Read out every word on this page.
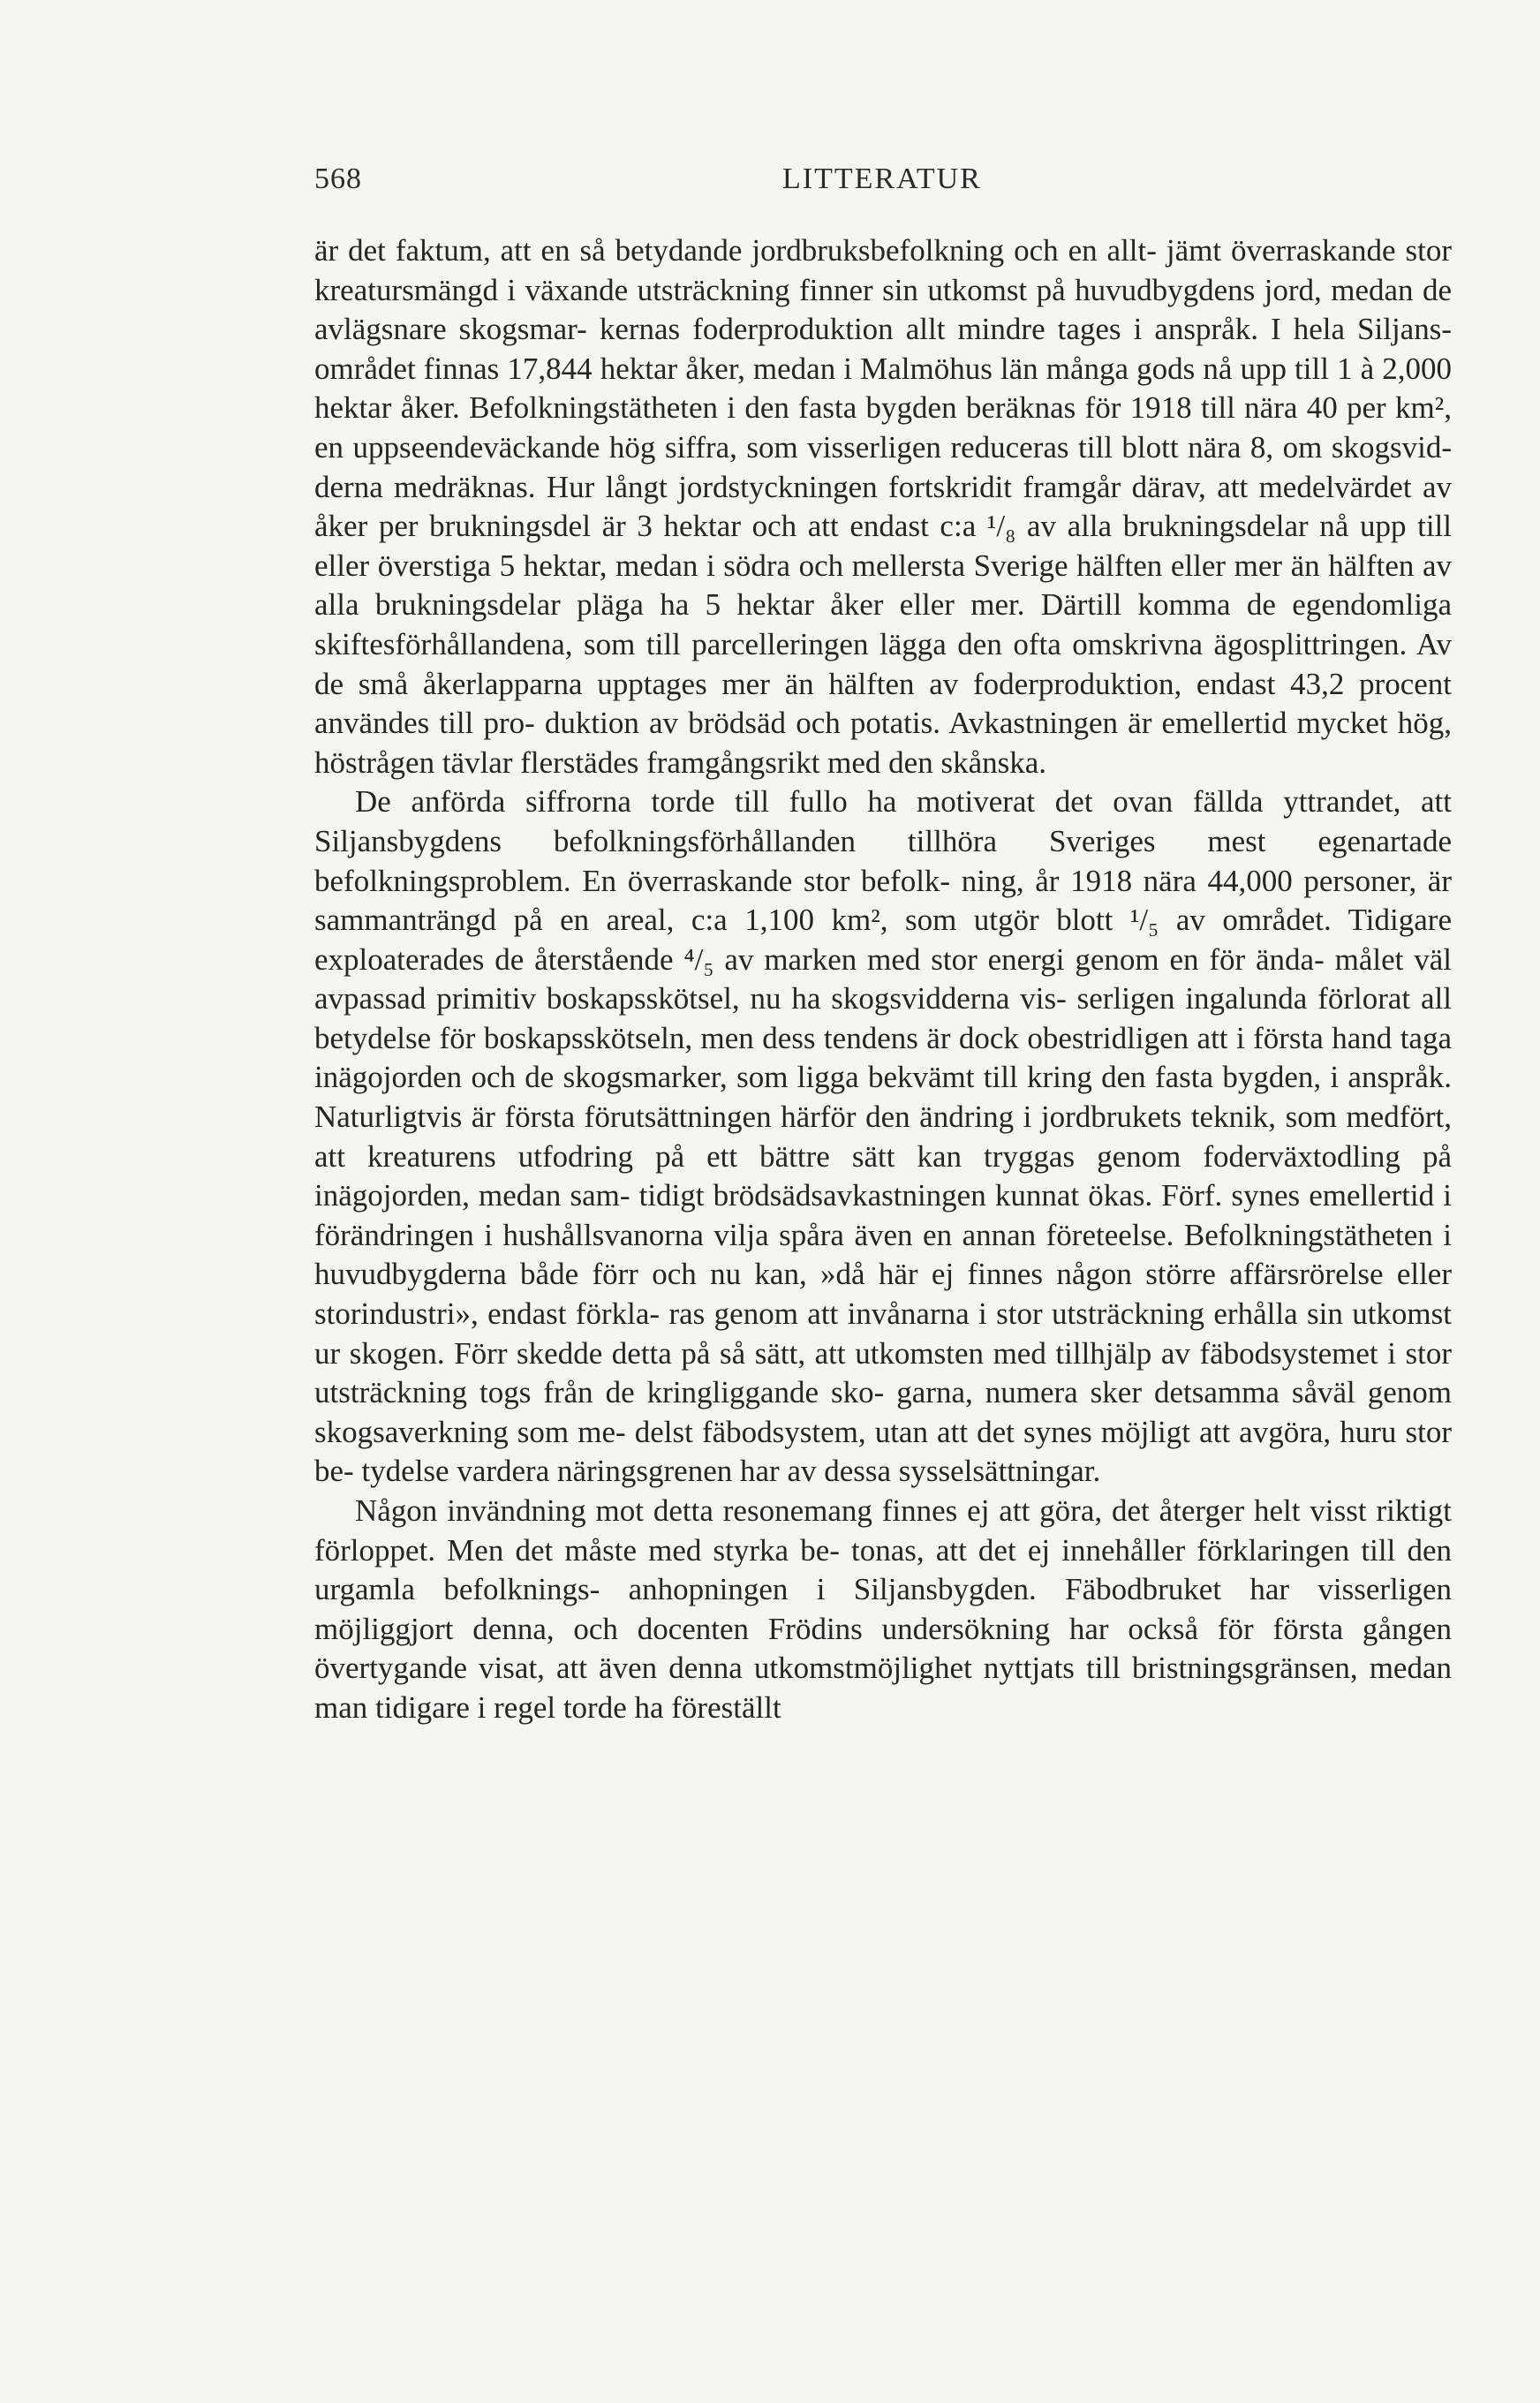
568	LITTERATUR

är det faktum, att en så betydande jordbruksbefolkning och en allt- jämt överraskande stor kreatursmängd i växande utsträckning finner sin utkomst på huvudbygdens jord, medan de avlägsnare skogsmar- kernas foderproduktion allt mindre tages i anspråk. I hela Siljans- området finnas 17,844 hektar åker, medan i Malmöhus län många gods nå upp till 1 à 2,000 hektar åker. Befolkningstätheten i den fasta bygden beräknas för 1918 till nära 40 per km², en uppseendeväckande hög siffra, som visserligen reduceras till blott nära 8, om skogsvid- derna medräknas. Hur långt jordstyckningen fortskridit framgår därav, att medelvärdet av åker per brukningsdel är 3 hektar och att endast c:a ¹/₈ av alla brukningsdelar nå upp till eller överstiga 5 hektar, medan i södra och mellersta Sverige hälften eller mer än hälften av alla brukningsdelar pläga ha 5 hektar åker eller mer. Därtill komma de egendomliga skiftesförhållandena, som till parcelleringen lägga den ofta omskrivna ägosplittringen. Av de små åkerlapparna upptages mer än hälften av foderproduktion, endast 43,2 procent användes till pro- duktion av brödsäd och potatis. Avkastningen är emellertid mycket hög, höstrågen tävlar flerstädes framgångsrikt med den skånska.

De anförda siffrorna torde till fullo ha motiverat det ovan fällda yttrandet, att Siljansbygdens befolkningsförhållanden tillhöra Sveriges mest egenartade befolkningsproblem. En överraskande stor befolk- ning, år 1918 nära 44,000 personer, är sammanträngd på en areal, c:a 1,100 km², som utgör blott ¹/₅ av området. Tidigare exploaterades de återstående ⁴/₅ av marken med stor energi genom en för ända- målet väl avpassad primitiv boskapsskötsel, nu ha skogsvidderna vis- serligen ingalunda förlorat all betydelse för boskapsskötseln, men dess tendens är dock obestridligen att i första hand taga inägojorden och de skogsmarker, som ligga bekvämt till kring den fasta bygden, i anspråk. Naturligtvis är första förutsättningen härför den ändring i jordbrukets teknik, som medfört, att kreaturens utfodring på ett bättre sätt kan tryggas genom foderväxtodling på inägojorden, medan sam- tidigt brödsädsavkastningen kunnat ökas. Förf. synes emellertid i förändringen i hushållsvanorna vilja spåra även en annan företeelse. Befolkningstätheten i huvudbygderna både förr och nu kan, »då här ej finnes någon större affärsrörelse eller storindustri», endast förkla- ras genom att invånarna i stor utsträckning erhålla sin utkomst ur skogen. Förr skedde detta på så sätt, att utkomsten med tillhjälp av fäbodsystemet i stor utsträckning togs från de kringliggande sko- garna, numera sker detsamma såväl genom skogsaverkning som me- delst fäbodsystem, utan att det synes möjligt att avgöra, huru stor be- tydelse vardera näringsgrenen har av dessa sysselsättningar.

Någon invändning mot detta resonemang finnes ej att göra, det återger helt visst riktigt förloppet. Men det måste med styrka be- tonas, att det ej innehåller förklaringen till den urgamla befolknings- anhopningen i Siljansbygden. Fäbodbruket har visserligen möjliggjort denna, och docenten Frödins undersökning har också för första gången övertygande visat, att även denna utkomstmöjlighet nyttjats till bristningsgränsen, medan man tidigare i regel torde ha föreställt
